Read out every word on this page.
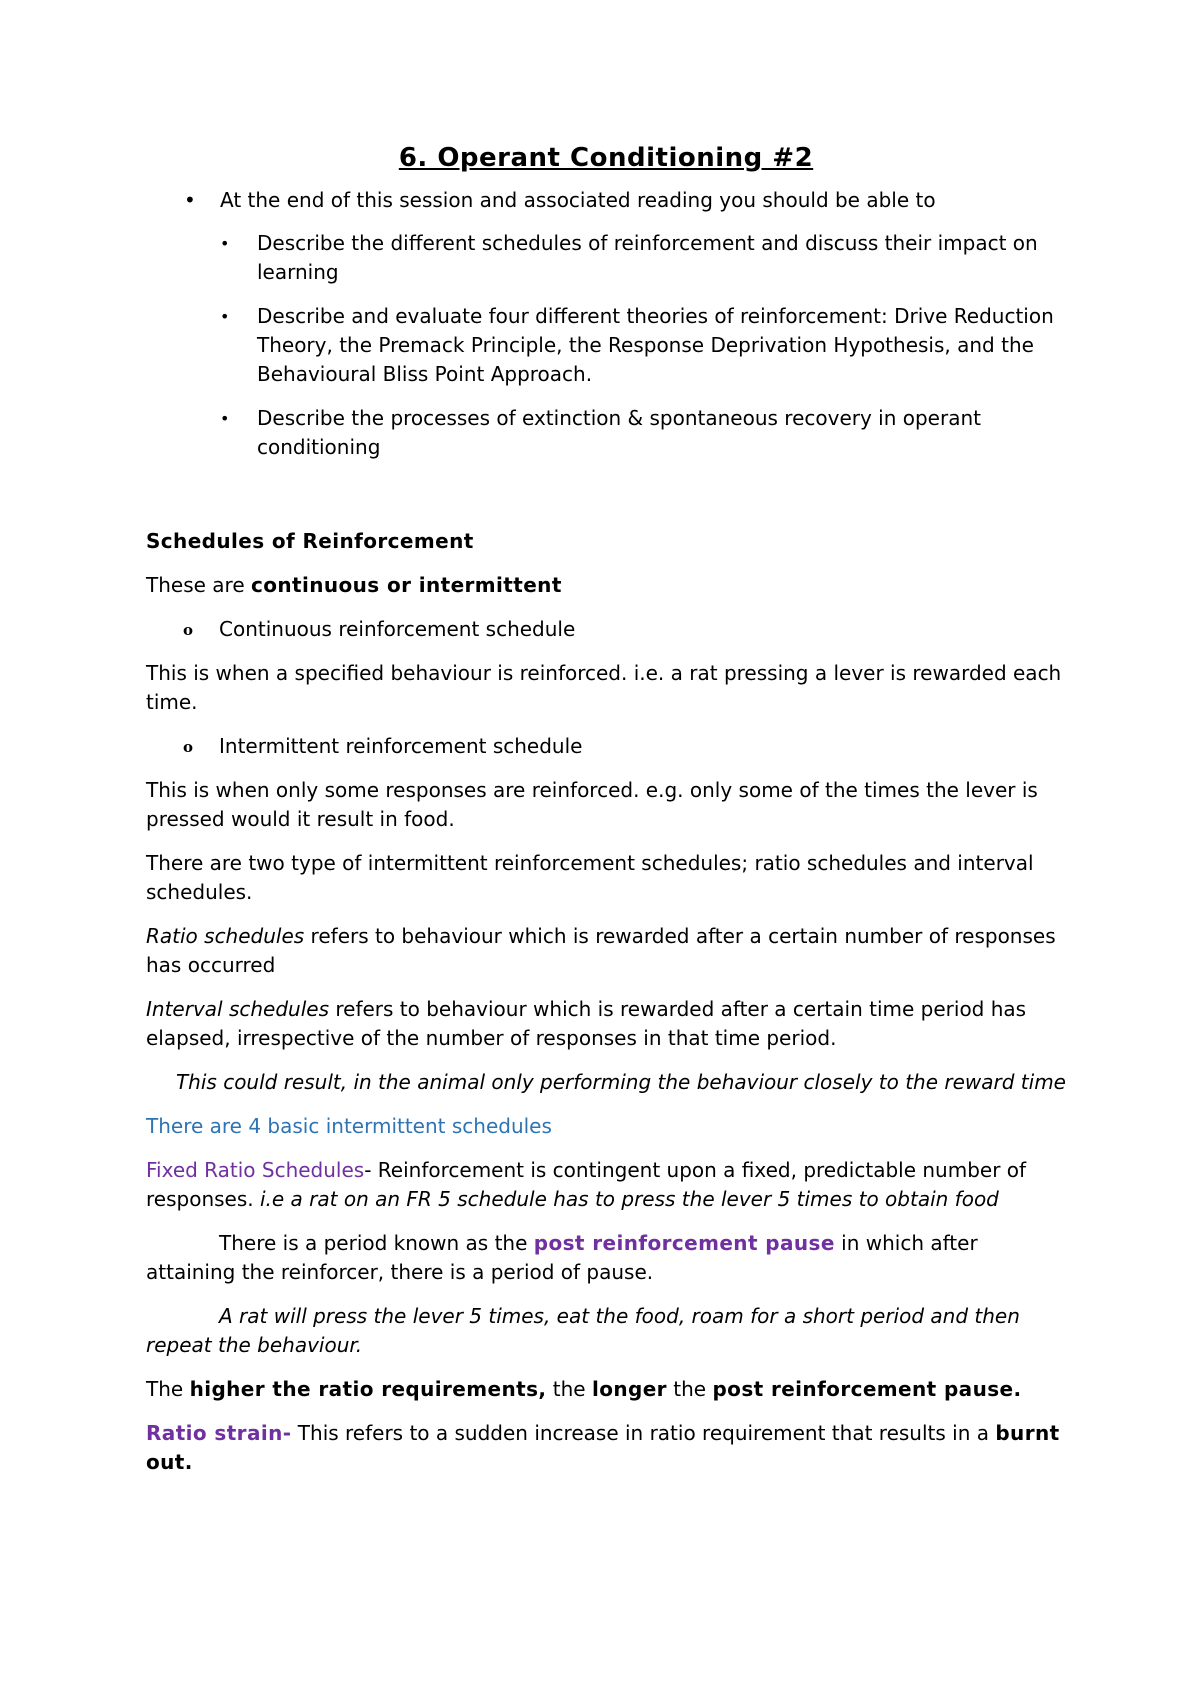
6. Operant Conditioning #2
• At the end of this session and associated reading you should be able to
• Describe the different schedules of reinforcement and discuss their impact on learning
• Describe and evaluate four different theories of reinforcement: Drive Reduction Theory, the Premack Principle, the Response Deprivation Hypothesis, and the Behavioural Bliss Point Approach.
• Describe the processes of extinction & spontaneous recovery in operant conditioning
Schedules of Reinforcement

These are continuous or intermittent

o Continuous reinforcement schedule

This is when a specified behaviour is reinforced. i.e. a rat pressing a lever is rewarded each time.

o Intermittent reinforcement schedule

This is when only some responses are reinforced. e.g. only some of the times the lever is pressed would it result in food.

There are two type of intermittent reinforcement schedules; ratio schedules and interval schedules.

Ratio schedules refers to behaviour which is rewarded after a certain number of responses has occurred

Interval schedules refers to behaviour which is rewarded after a certain time period has elapsed, irrespective of the number of responses in that time period.

This could result, in the animal only performing the behaviour closely to the reward time

There are 4 basic intermittent schedules

Fixed Ratio Schedules- Reinforcement is contingent upon a fixed, predictable number of responses. i.e a rat on an FR 5 schedule has to press the lever 5 times to obtain food

There is a period known as the post reinforcement pause in which after attaining the reinforcer, there is a period of pause.

A rat will press the lever 5 times, eat the food, roam for a short period and then repeat the behaviour.

The higher the ratio requirements, the longer the post reinforcement pause.

Ratio strain- This refers to a sudden increase in ratio requirement that results in a burnt out.
